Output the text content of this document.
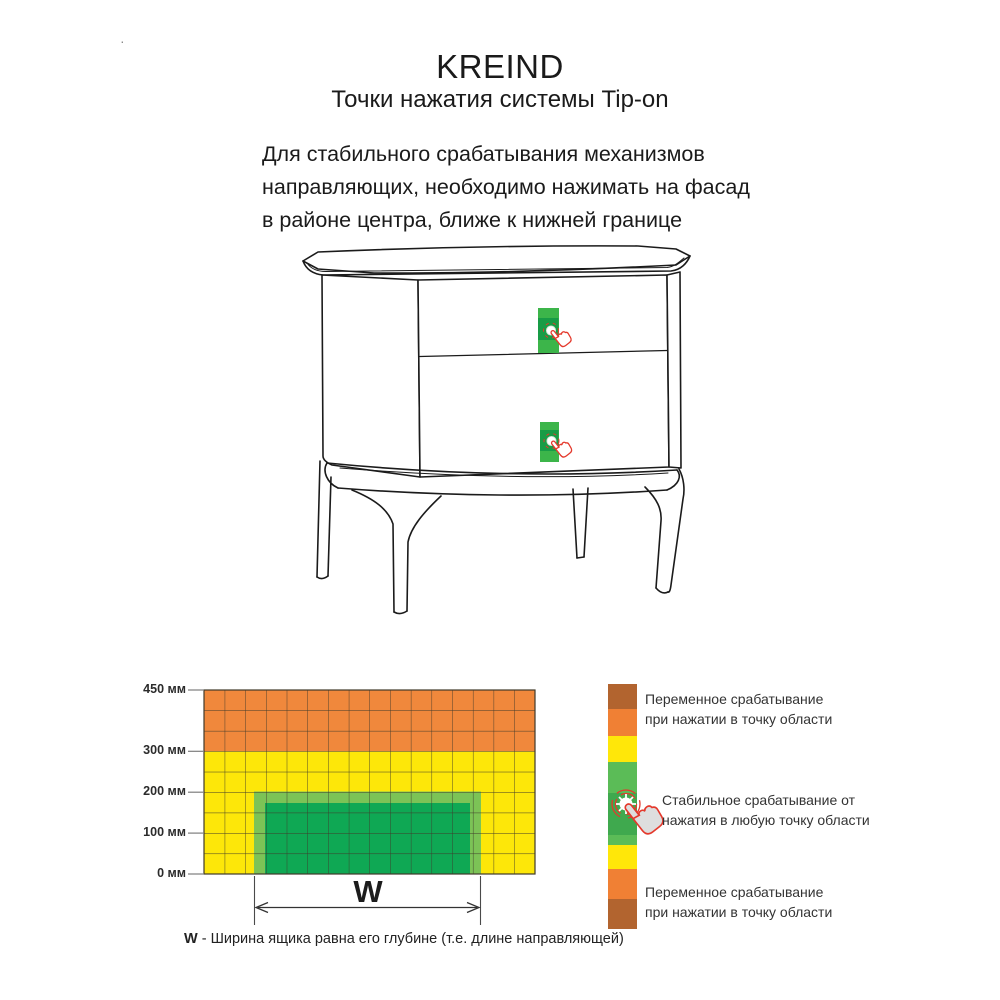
·
KREIND
Точки нажатия системы Tip-on
Для стабильного срабатывания механизмов
направляющих, необходимо нажимать на фасад
в районе центра, ближе к нижней границе
450 мм
300 мм
200 мм
100 мм
0 мм
W
W - Ширина ящика равна его глубине (т.е. длине направляющей)
Переменное срабатывание
при нажатии в точку области
Стабильное срабатывание от
нажатия в любую точку области
Переменное срабатывание
при нажатии в точку области
